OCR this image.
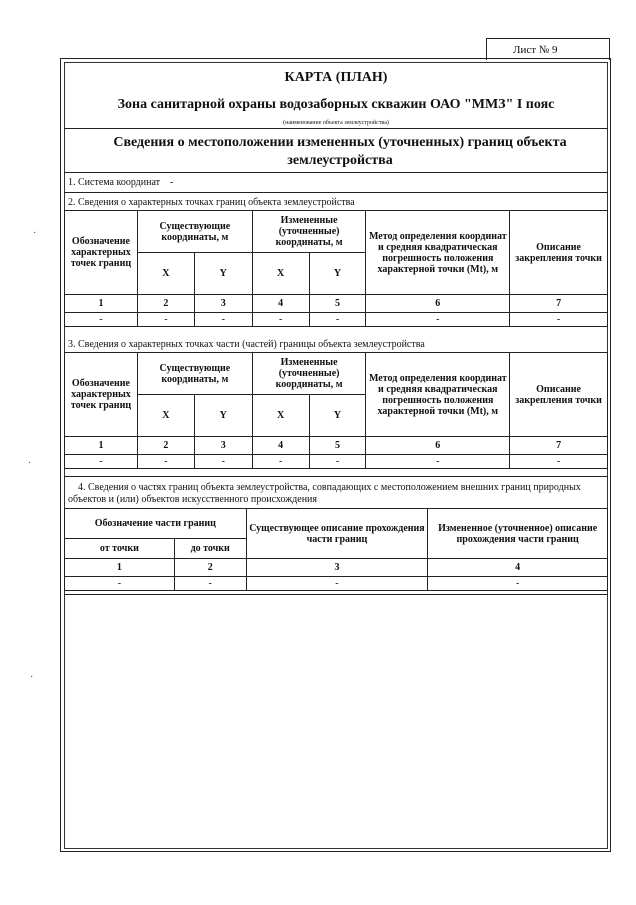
Лист № 9
КАРТА (ПЛАН)
Зона санитарной охраны водозаборных скважин ОАО "ММЗ" I пояс
(наименование объекта землеустройства)
Сведения о местоположении измененных (уточненных) границ объекта землеустройства
1. Система координат -
2. Сведения о характерных точках границ объекта землеустройства
Обозначение характерных точек границ	Существующие координаты, м		Измененные (уточненные) координаты, м		Метод определения координат и средняя квадратическая погрешность положения характерной точки (Mt), м	Описание закрепления точки
	X	Y	X	Y		
1	2	3	4	5	6	7
-	-	-	-	-	-	-
3. Сведения о характерных точках части (частей) границы объекта землеустройства
Обозначение характерных точек границ	Существующие координаты, м		Измененные (уточненные) координаты, м		Метод определения координат и средняя квадратическая погрешность положения характерной точки (Mt), м	Описание закрепления точки
	X	Y	X	Y		
1	2	3	4	5	6	7
-	-	-	-	-	-	-
4. Сведения о частях границ объекта землеустройства, совпадающих с местоположением внешних границ природных объектов и (или) объектов искусственного происхождения
Обозначение части границ		Существующее описание прохождения части границ	Измененное (уточненное) описание прохождения части границ
от точки	до точки		
1	2	3	4
-	-	-	-
·
·
·
